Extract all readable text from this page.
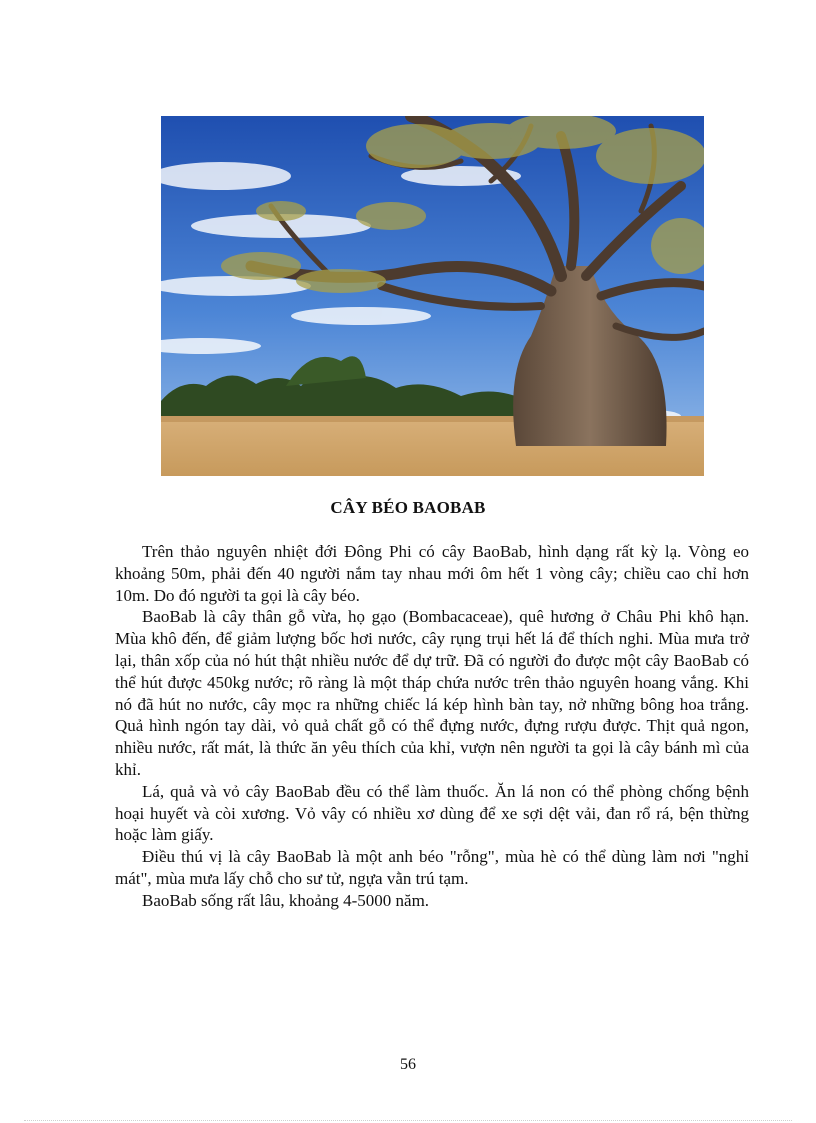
CÂY BÉO BAOBAB

Trên thảo nguyên nhiệt đới Đông Phi có cây BaoBab, hình dạng rất kỳ lạ. Vòng eo khoảng 50m, phải đến 40 người nắm tay nhau mới ôm hết 1 vòng cây; chiều cao chỉ hơn 10m. Do đó người ta gọi là cây béo.

BaoBab là cây thân gỗ vừa, họ gạo (Bombacaceae), quê hương ở Châu Phi khô hạn. Mùa khô đến, để giảm lượng bốc hơi nước, cây rụng trụi hết lá để thích nghi. Mùa mưa trở lại, thân xốp của nó hút thật nhiều nước để dự trữ. Đã có người đo được một cây BaoBab có thể hút được 450kg nước; rõ ràng là một tháp chứa nước trên thảo nguyên hoang vắng. Khi nó đã hút no nước, cây mọc ra những chiếc lá kép hình bàn tay, nở những bông hoa trắng. Quả hình ngón tay dài, vỏ quả chất gỗ có thể đựng nước, đựng rượu được. Thịt quả ngon, nhiều nước, rất mát, là thức ăn yêu thích của khỉ, vượn nên người ta gọi là cây bánh mì của khỉ.

Lá, quả và vỏ cây BaoBab đều có thể làm thuốc. Ăn lá non có thể phòng chống bệnh hoại huyết và còi xương. Vỏ vây có nhiều xơ dùng để xe sợi dệt vải, đan rổ rá, bện thừng hoặc làm giấy.

Điều thú vị là cây BaoBab là một anh béo "rỗng", mùa hè có thể dùng làm nơi "nghỉ mát", mùa mưa lấy chỗ cho sư tử, ngựa vằn trú tạm.

BaoBab sống rất lâu, khoảng 4-5000 năm.

56
